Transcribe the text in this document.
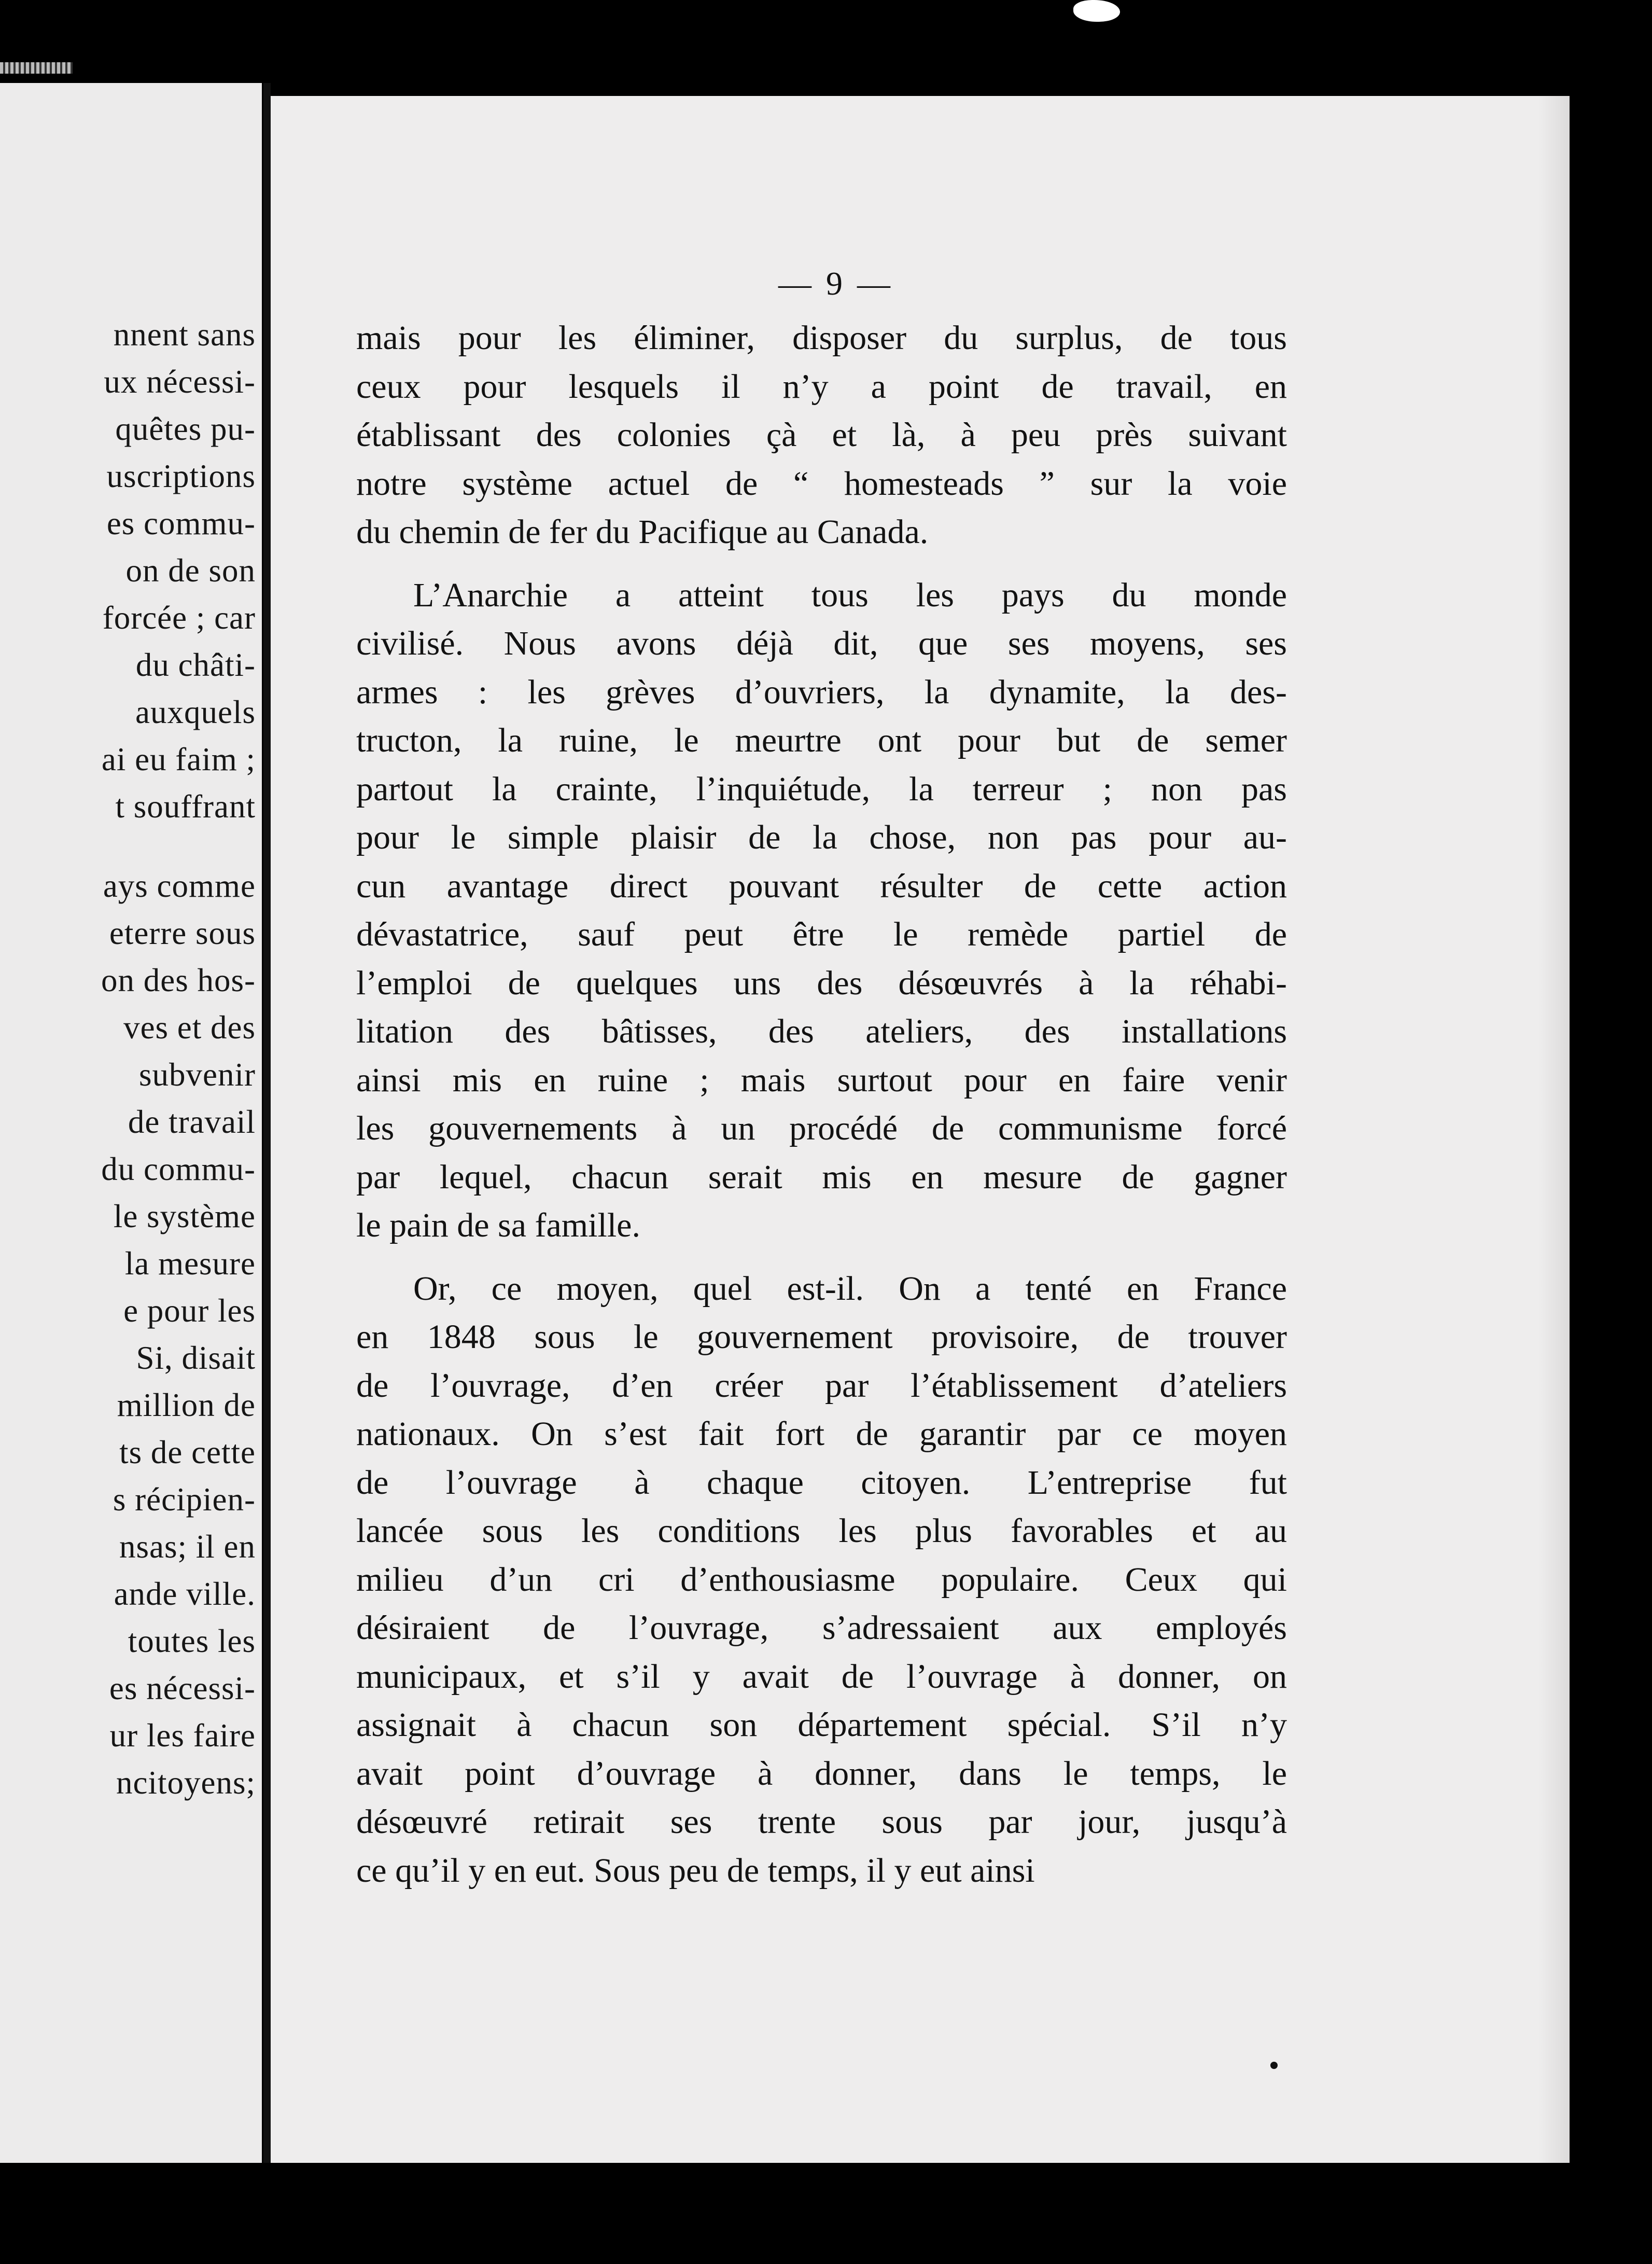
nnent sans
ux nécessi-
quêtes pu-
uscriptions
es commu-
on de son
forcée ; car
du châti-
auxquels
ai eu faim ;
t souffrant
ays comme
eterre sous
on des hos-
ves et des
subvenir
de travail
du commu-
le système
la mesure
e pour les
Si, disait
million de
ts de cette
s récipien-
nsas; il en
ande ville.
toutes les
es nécessi-
ur les faire
ncitoyens;
— 9 —
mais pour les éliminer, disposer du surplus, de tous
ceux pour lesquels il n’y a point de travail, en
établissant des colonies çà et là, à peu près suivant
notre système actuel de “ homesteads ” sur la voie
du chemin de fer du Pacifique au Canada.
L’Anarchie a atteint tous les pays du monde
civilisé. Nous avons déjà dit, que ses moyens, ses
armes : les grèves d’ouvriers, la dynamite, la des-
tructon, la ruine, le meurtre ont pour but de semer
partout la crainte, l’inquiétude, la terreur ; non pas
pour le simple plaisir de la chose, non pas pour au-
cun avantage direct pouvant résulter de cette action
dévastatrice, sauf peut être le remède partiel de
l’emploi de quelques uns des désœuvrés à la réhabi-
litation des bâtisses, des ateliers, des installations
ainsi mis en ruine ; mais surtout pour en faire venir
les gouvernements à un procédé de communisme forcé
par lequel, chacun serait mis en mesure de gagner
le pain de sa famille.
Or, ce moyen, quel est-il. On a tenté en France
en 1848 sous le gouvernement provisoire, de trouver
de l’ouvrage, d’en créer par l’établissement d’ateliers
nationaux. On s’est fait fort de garantir par ce moyen
de l’ouvrage à chaque citoyen. L’entreprise fut
lancée sous les conditions les plus favorables et au
milieu d’un cri d’enthousiasme populaire. Ceux qui
désiraient de l’ouvrage, s’adressaient aux employés
municipaux, et s’il y avait de l’ouvrage à donner, on
assignait à chacun son département spécial. S’il n’y
avait point d’ouvrage à donner, dans le temps, le
désœuvré retirait ses trente sous par jour, jusqu’à
ce qu’il y en eut. Sous peu de temps, il y eut ainsi
